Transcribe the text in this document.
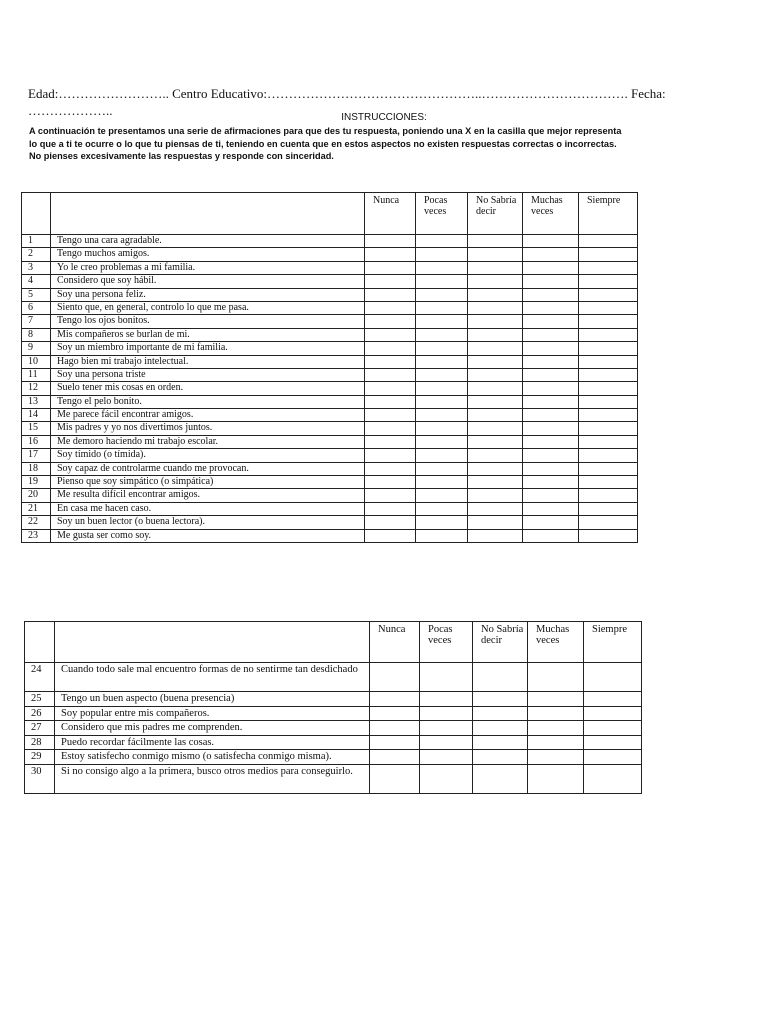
Edad:…………………….. Centro Educativo:…………………………………………..……………………………. Fecha:
………………..	INSTRUCCIONES:
A continuación te presentamos una serie de afirmaciones para que des tu respuesta, poniendo una X en la casilla que mejor representa
lo que a ti te ocurre o lo que tu piensas de ti, teniendo en cuenta que en estos aspectos no existen respuestas correctas o incorrectas.
No pienses excesivamente las respuestas y responde con sinceridad.
		Nunca	Pocas veces	No Sabría decir	Muchas veces	Siempre
1	Tengo una cara agradable.					
2	Tengo muchos amigos.					
3	Yo le creo problemas a mi familia.					
4	Considero que soy hábil.					
5	Soy una persona feliz.					
6	Siento que, en general, controlo lo que me pasa.					
7	Tengo los ojos bonitos.					
8	Mis compañeros se burlan de mi.					
9	Soy un miembro importante de mi familia.					
10	Hago bien mi trabajo intelectual.					
11	Soy una persona triste					
12	Suelo tener mis cosas en orden.					
13	Tengo el pelo bonito.					
14	Me parece fácil encontrar amigos.					
15	Mis padres y yo nos divertimos juntos.					
16	Me demoro haciendo mi trabajo escolar.					
17	Soy tímido (o tímida).					
18	Soy capaz de controlarme cuando me provocan.					
19	Pienso que soy simpático (o simpática)					
20	Me resulta difícil encontrar amigos.					
21	En casa me hacen caso.					
22	Soy un buen lector (o buena lectora).					
23	Me gusta ser como soy.					
		Nunca	Pocas veces	No Sabría decir	Muchas veces	Siempre
24	Cuando todo sale mal encuentro formas de no sentirme tan desdichado					
25	Tengo un buen aspecto (buena presencia)					
26	Soy popular entre mis compañeros.					
27	Considero que mis padres me comprenden.					
28	Puedo recordar fácilmente las cosas.					
29	Estoy satisfecho conmigo mismo (o satisfecha conmigo misma).					
30	Si no consigo algo a la primera, busco otros medios para conseguirlo.					
